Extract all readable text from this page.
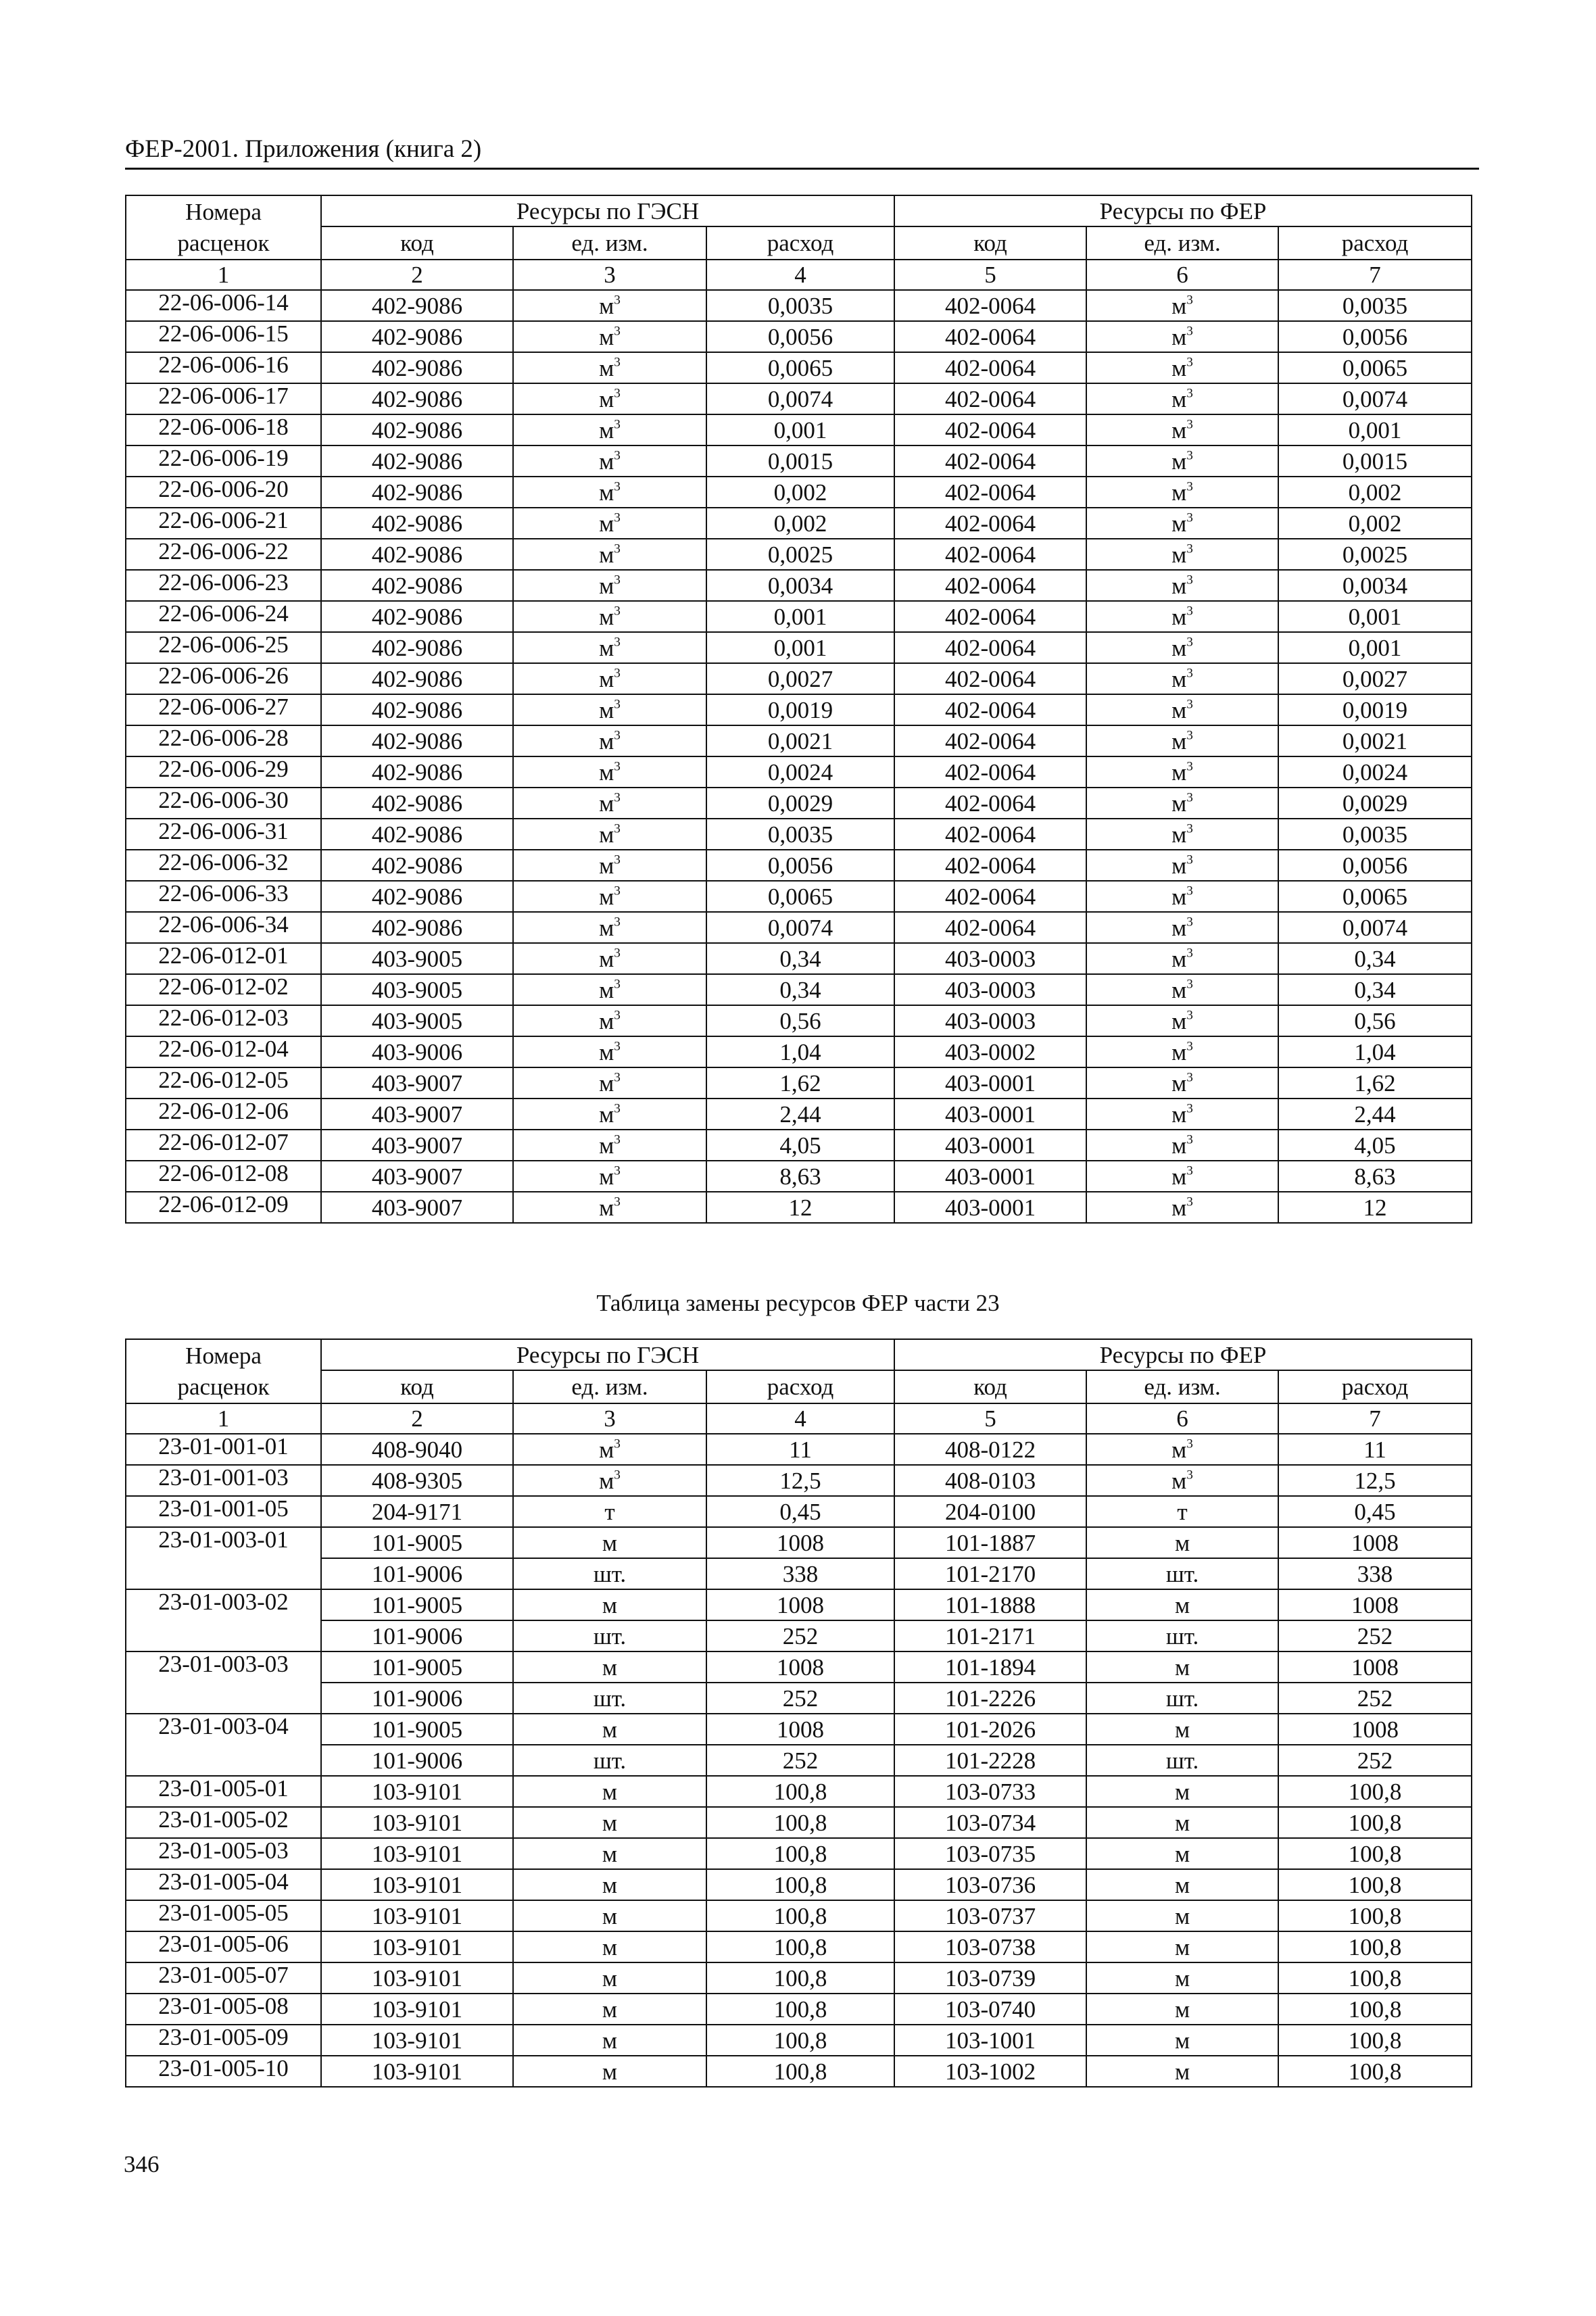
ФЕР-2001. Приложения (книга 2)
Номера расценок	Ресурсы по ГЭСН			Ресурсы по ФЕР		
	код	ед. изм.	расход	код	ед. изм.	расход
1	2	3	4	5	6	7
22-06-006-14	402-9086	$м^3$	0,0035	402-0064	$м^3$	0,0035
22-06-006-15	402-9086	$м^3$	0,0056	402-0064	$м^3$	0,0056
22-06-006-16	402-9086	$м^3$	0,0065	402-0064	$м^3$	0,0065
22-06-006-17	402-9086	$м^3$	0,0074	402-0064	$м^3$	0,0074
22-06-006-18	402-9086	$м^3$	0,001	402-0064	$м^3$	0,001
22-06-006-19	402-9086	$м^3$	0,0015	402-0064	$м^3$	0,0015
22-06-006-20	402-9086	$м^3$	0,002	402-0064	$м^3$	0,002
22-06-006-21	402-9086	$м^3$	0,002	402-0064	$м^3$	0,002
22-06-006-22	402-9086	$м^3$	0,0025	402-0064	$м^3$	0,0025
22-06-006-23	402-9086	$м^3$	0,0034	402-0064	$м^3$	0,0034
22-06-006-24	402-9086	$м^3$	0,001	402-0064	$м^3$	0,001
22-06-006-25	402-9086	$м^3$	0,001	402-0064	$м^3$	0,001
22-06-006-26	402-9086	$м^3$	0,0027	402-0064	$м^3$	0,0027
22-06-006-27	402-9086	$м^3$	0,0019	402-0064	$м^3$	0,0019
22-06-006-28	402-9086	$м^3$	0,0021	402-0064	$м^3$	0,0021
22-06-006-29	402-9086	$м^3$	0,0024	402-0064	$м^3$	0,0024
22-06-006-30	402-9086	$м^3$	0,0029	402-0064	$м^3$	0,0029
22-06-006-31	402-9086	$м^3$	0,0035	402-0064	$м^3$	0,0035
22-06-006-32	402-9086	$м^3$	0,0056	402-0064	$м^3$	0,0056
22-06-006-33	402-9086	$м^3$	0,0065	402-0064	$м^3$	0,0065
22-06-006-34	402-9086	$м^3$	0,0074	402-0064	$м^3$	0,0074
22-06-012-01	403-9005	$м^3$	0,34	403-0003	$м^3$	0,34
22-06-012-02	403-9005	$м^3$	0,34	403-0003	$м^3$	0,34
22-06-012-03	403-9005	$м^3$	0,56	403-0003	$м^3$	0,56
22-06-012-04	403-9006	$м^3$	1,04	403-0002	$м^3$	1,04
22-06-012-05	403-9007	$м^3$	1,62	403-0001	$м^3$	1,62
22-06-012-06	403-9007	$м^3$	2,44	403-0001	$м^3$	2,44
22-06-012-07	403-9007	$м^3$	4,05	403-0001	$м^3$	4,05
22-06-012-08	403-9007	$м^3$	8,63	403-0001	$м^3$	8,63
22-06-012-09	403-9007	$м^3$	12	403-0001	$м^3$	12
Таблица замены ресурсов ФЕР части 23
Номера расценок	Ресурсы по ГЭСН			Ресурсы по ФЕР		
	код	ед. изм.	расход	код	ед. изм.	расход
1	2	3	4	5	6	7
23-01-001-01	408-9040	$м^3$	11	408-0122	$м^3$	11
23-01-001-03	408-9305	$м^3$	12,5	408-0103	$м^3$	12,5
23-01-001-05	204-9171	т	0,45	204-0100	т	0,45
23-01-003-01	101-9005	м	1008	101-1887	м	1008
	101-9006	шт.	338	101-2170	шт.	338
23-01-003-02	101-9005	м	1008	101-1888	м	1008
	101-9006	шт.	252	101-2171	шт.	252
23-01-003-03	101-9005	м	1008	101-1894	м	1008
	101-9006	шт.	252	101-2226	шт.	252
23-01-003-04	101-9005	м	1008	101-2026	м	1008
	101-9006	шт.	252	101-2228	шт.	252
23-01-005-01	103-9101	м	100,8	103-0733	м	100,8
23-01-005-02	103-9101	м	100,8	103-0734	м	100,8
23-01-005-03	103-9101	м	100,8	103-0735	м	100,8
23-01-005-04	103-9101	м	100,8	103-0736	м	100,8
23-01-005-05	103-9101	м	100,8	103-0737	м	100,8
23-01-005-06	103-9101	м	100,8	103-0738	м	100,8
23-01-005-07	103-9101	м	100,8	103-0739	м	100,8
23-01-005-08	103-9101	м	100,8	103-0740	м	100,8
23-01-005-09	103-9101	м	100,8	103-1001	м	100,8
23-01-005-10	103-9101	м	100,8	103-1002	м	100,8
346
